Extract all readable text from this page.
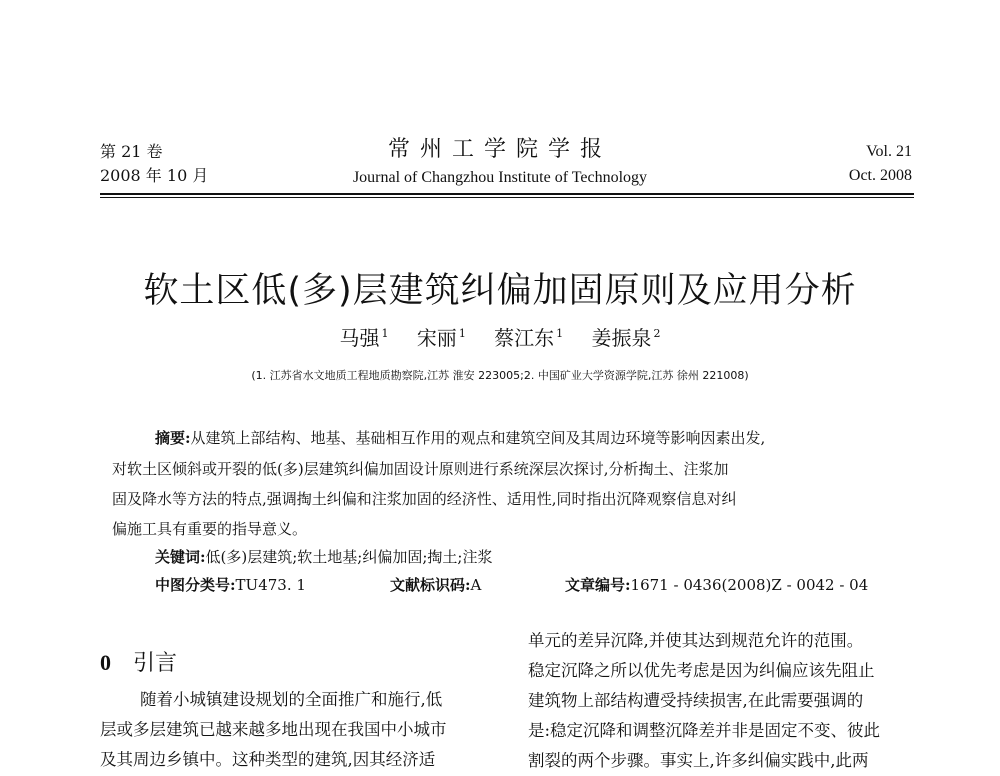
第 21 卷
2008 年 10 月
常州工学院学报
Journal of Changzhou Institute of Technology
Vol. 21
Oct. 2008
软土区低(多)层建筑纠偏加固原则及应用分析
马强 $^1$ 宋丽 $^1$ 蔡江东 $^1$ 姜振泉 $^2$
(1. 江苏省水文地质工程地质勘察院,江苏 淮安 223005;2. 中国矿业大学资源学院,江苏 徐州 221008)
摘要:从建筑上部结构、地基、基础相互作用的观点和建筑空间及其周边环境等影响因素出发,
对软土区倾斜或开裂的低(多)层建筑纠偏加固设计原则进行系统深层次探讨,分析掏土、注浆加
固及降水等方法的特点,强调掏土纠偏和注浆加固的经济性、适用性,同时指出沉降观察信息对纠
偏施工具有重要的指导意义。
关键词:低(多)层建筑;软土地基;纠偏加固;掏土;注浆
中图分类号:TU473. 1	文献标识码:A	文章编号:1671 - 0436(2008)Z - 0042 - 04
0 引言
随着小城镇建设规划的全面推广和施行,低
层或多层建筑已越来越多地出现在我国中小城市
及其周边乡镇中。这种类型的建筑,因其经济适
单元的差异沉降,并使其达到规范允许的范围。
稳定沉降之所以优先考虑是因为纠偏应该先阻止
建筑物上部结构遭受持续损害,在此需要强调的
是:稳定沉降和调整沉降差并非是固定不变、彼此
割裂的两个步骤。事实上,许多纠偏实践中,此两
